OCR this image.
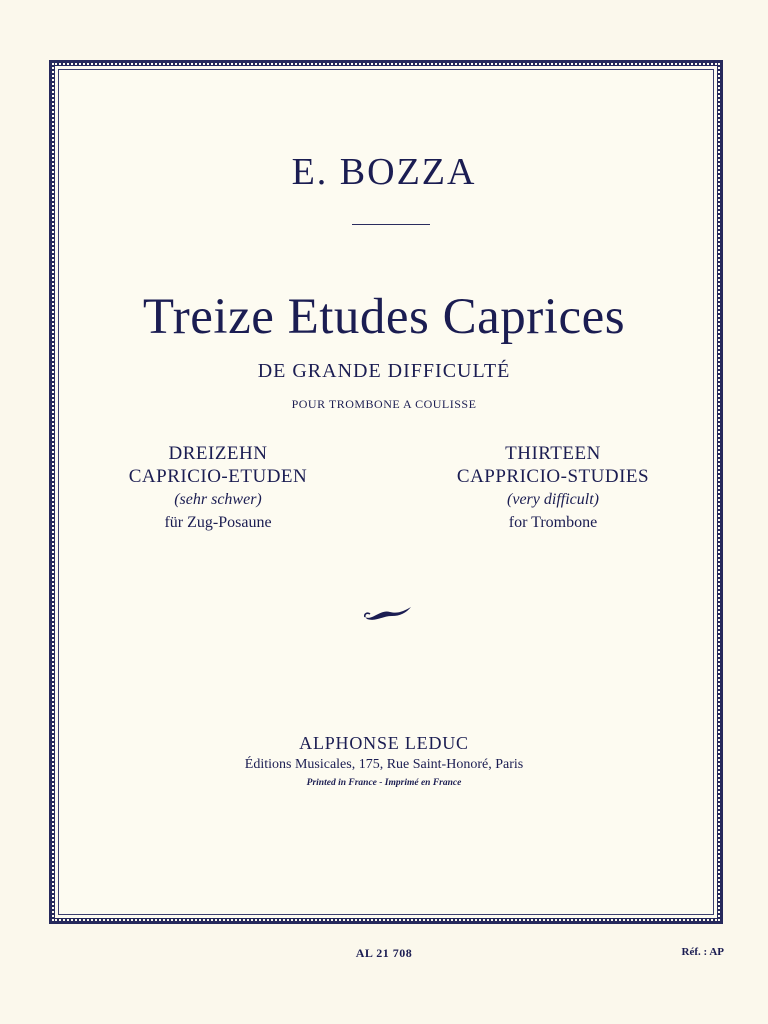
E. BOZZA
Treize Etudes Caprices
DE GRANDE DIFFICULTÉ
POUR TROMBONE A COULISSE
DREIZEHN
CAPRICIO-ETUDEN
(sehr schwer)
für Zug-Posaune
THIRTEEN
CAPPRICIO-STUDIES
(very difficult)
for Trombone
ALPHONSE LEDUC
Éditions Musicales, 175, Rue Saint-Honoré, Paris
Printed in France - Imprimé en France
AL 21 708	Réf. : AP
